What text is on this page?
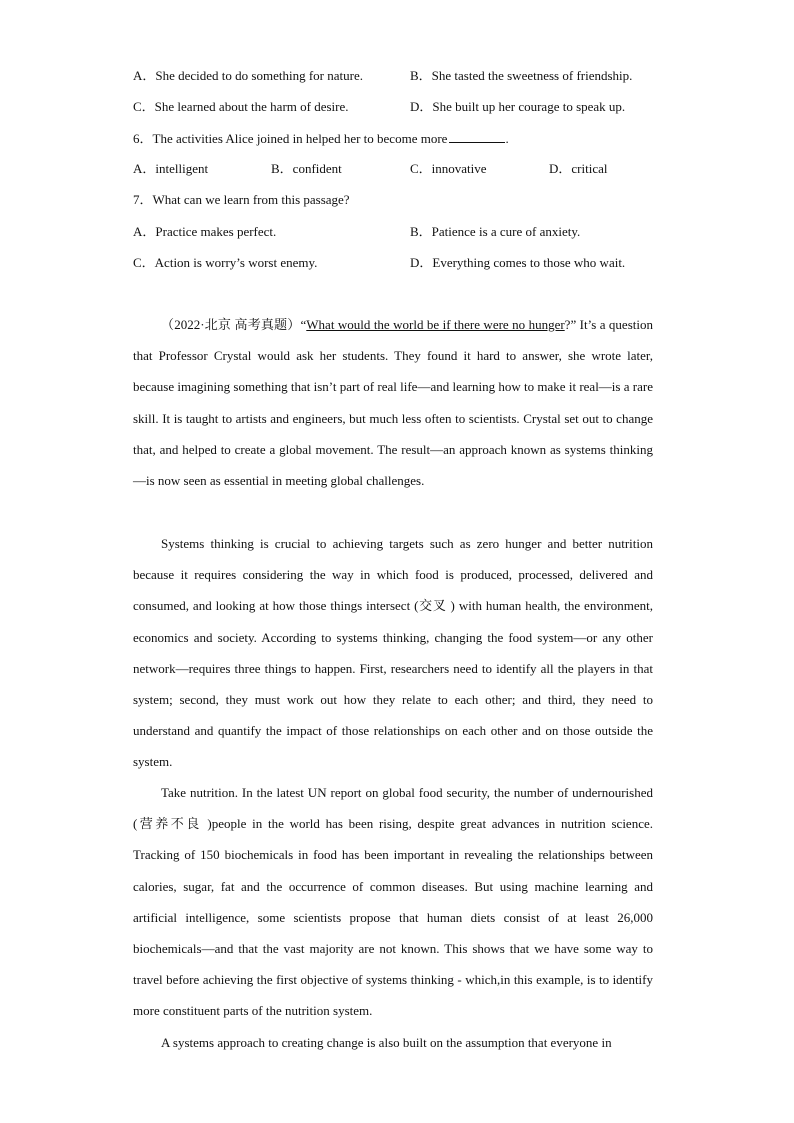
A．She decided to do something for nature.	B．She tasted the sweetness of friendship.
C．She learned about the harm of desire.	D．She built up her courage to speak up.
6．The activities Alice joined in helped her to become more	.
A．intelligent	B．confident	C．innovative	D．critical
7．What can we learn from this passage?
A．Practice makes perfect.	B．Patience is a cure of anxiety.
C．Action is worry’s worst enemy.	D．Everything comes to those who wait.
（2022·北京 高考真题）“What would the world be if there were no hunger?” It’s a question that Professor Crystal would ask her students. They found it hard to answer, she wrote later, because imagining something that isn’t part of real life—and learning how to make it real—is a rare skill. It is taught to artists and engineers, but much less often to scientists. Crystal set out to change that, and helped to create a global movement. The result—an approach known as systems thinking—is now seen as essential in meeting global challenges.
Systems thinking is crucial to achieving targets such as zero hunger and better nutrition because it requires considering the way in which food is produced, processed, delivered and consumed, and looking at how those things intersect (交叉 ) with human health, the environment, economics and society. According to systems thinking, changing the food system—or any other network—requires three things to happen. First, researchers need to identify all the players in that system; second, they must work out how they relate to each other; and third, they need to understand and quantify the impact of those relationships on each other and on those outside the system.
Take nutrition. In the latest UN report on global food security, the number of undernourished (营养不良 )people in the world has been rising, despite great advances in nutrition science. Tracking of 150 biochemicals in food has been important in revealing the relationships between calories, sugar, fat and the occurrence of common diseases. But using machine learning and artificial intelligence, some scientists propose that human diets consist of at least 26,000 biochemicals—and that the vast majority are not known. This shows that we have some way to travel before achieving the first objective of systems thinking - which,in this example, is to identify more constituent parts of the nutrition system.
A systems approach to creating change is also built on the assumption that everyone in
